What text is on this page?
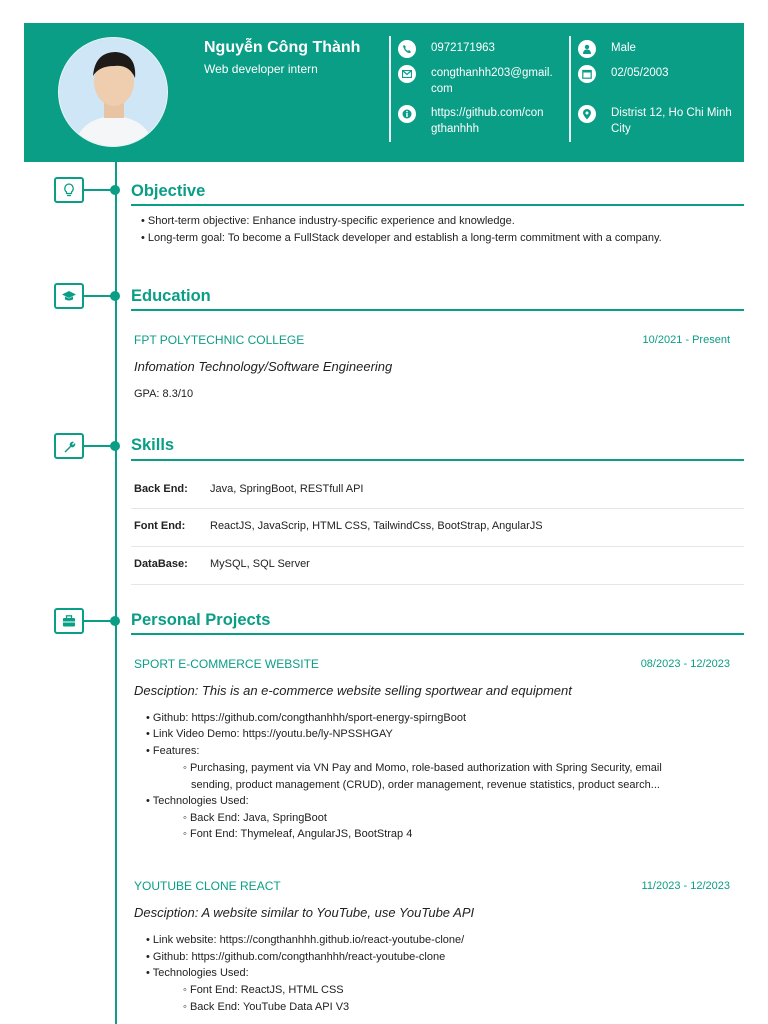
Nguyễn Công Thành
Web developer intern
0972171963
congthanhh203@gmail.
com
https://github.com/con
gthanhhh
Male
02/05/2003
Distrist 12, Ho Chi Minh
City
Objective
• Short-term objective: Enhance industry-specific experience and knowledge.
• Long-term goal: To become a FullStack developer and establish a long-term commitment with a company.
Education
FPT POLYTECHNIC COLLEGE	10/2021 - Present
Infomation Technology/Software Engineering
GPA: 8.3/10
Skills
Back End: Java, SpringBoot, RESTfull API
Font End: ReactJS, JavaScrip, HTML CSS, TailwindCss, BootStrap, AngularJS
DataBase: MySQL, SQL Server
Personal Projects
SPORT E-COMMERCE WEBSITE	08/2023 - 12/2023
Desciption: This is an e-commerce website selling sportwear and equipment
• Github: https://github.com/congthanhhh/sport-energy-spirngBoot
• Link Video Demo: https://youtu.be/ly-NPSSHGAY
• Features:
◦ Purchasing, payment via VN Pay and Momo, role-based authorization with Spring Security, email
sending, product management (CRUD), order management, revenue statistics, product search...
• Technologies Used:
◦ Back End: Java, SpringBoot
◦ Font End: Thymeleaf, AngularJS, BootStrap 4
YOUTUBE CLONE REACT	11/2023 - 12/2023
Desciption: A website similar to YouTube, use YouTube API
• Link website: https://congthanhhh.github.io/react-youtube-clone/
• Github: https://github.com/congthanhhh/react-youtube-clone
• Technologies Used:
◦ Font End: ReactJS, HTML CSS
◦ Back End: YouTube Data API V3
